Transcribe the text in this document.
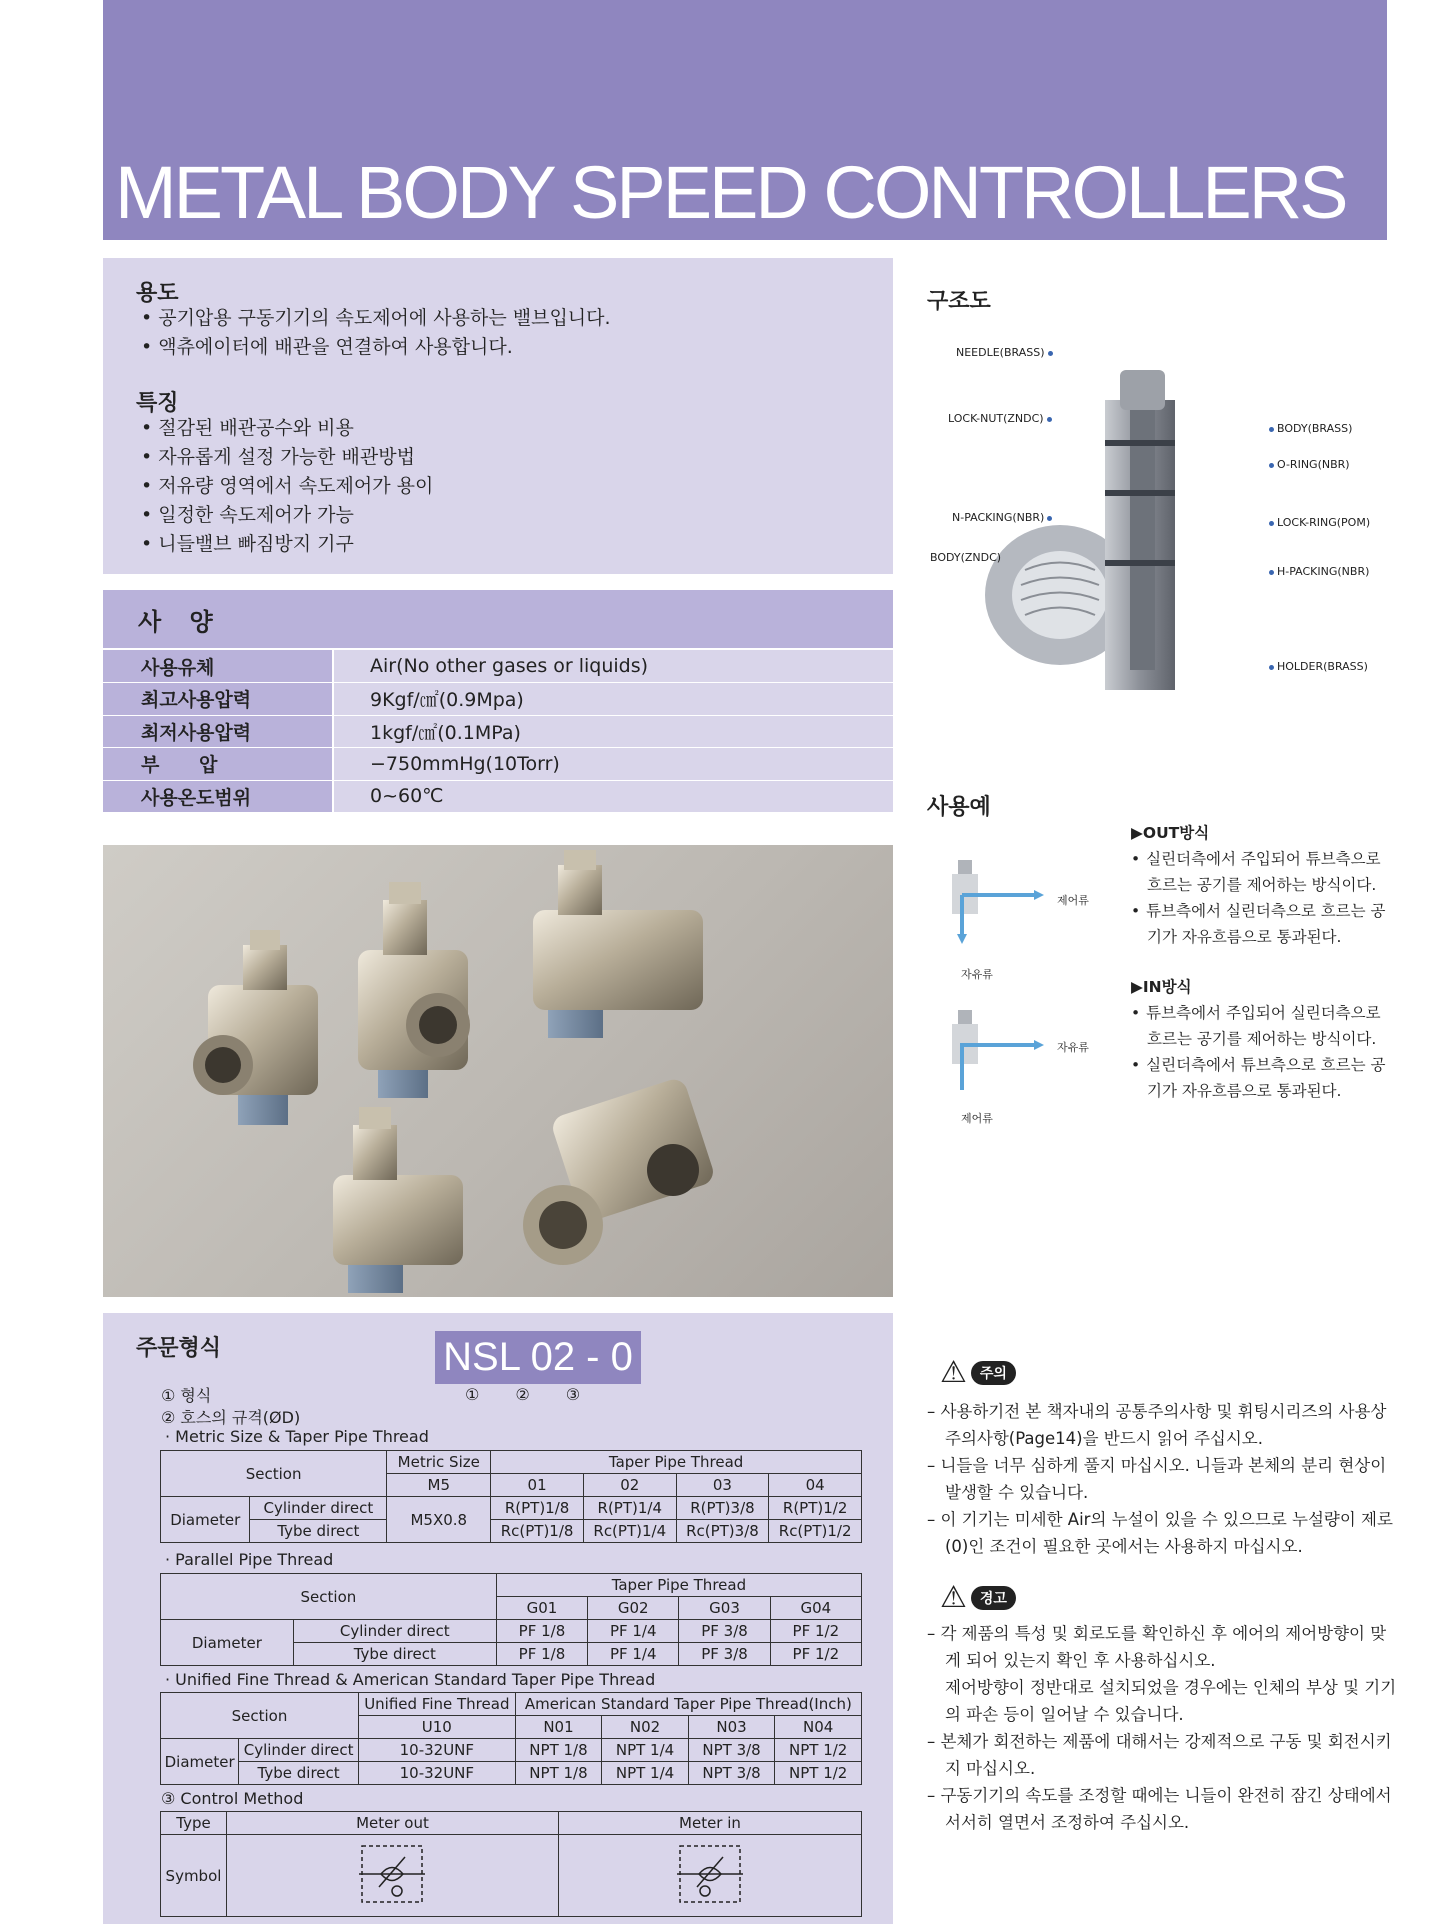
METAL BODY SPEED CONTROLLERS
용도
• 공기압용 구동기기의 속도제어에 사용하는 밸브입니다.
• 액츄에이터에 배관을 연결하여 사용합니다.
특징
• 절감된 배관공수와 비용
• 자유롭게 설정 가능한 배관방법
• 저유량 영역에서 속도제어가 용이
• 일정한 속도제어가 가능
• 니들밸브 빠짐방지 기구
사 양
사용유체	Air(No other gases or liquids)
최고사용압력	9Kgf/㎠(0.9Mpa)
최저사용압력	1kgf/㎠(0.1MPa)
부      압	−750mmHg(10Torr)
사용온도범위	0~60℃
주문형식	NSL 02 - 0
① ② ③
① 형식
② 호스의 규격(ØD)
· Metric Size & Taper Pipe Thread
Section		Metric Size	Taper Pipe Thread			
		M5	01	02	03	04
Diameter	Cylinder direct	M5X0.8	R(PT)1/8	R(PT)1/4	R(PT)3/8	R(PT)1/2
	Tybe direct		Rc(PT)1/8	Rc(PT)1/4	Rc(PT)3/8	Rc(PT)1/2
· Parallel Pipe Thread
Section		Taper Pipe Thread			
		G01	G02	G03	G04
Diameter	Cylinder direct	PF 1/8	PF 1/4	PF 3/8	PF 1/2
	Tybe direct	PF 1/8	PF 1/4	PF 3/8	PF 1/2
· Unified Fine Thread & American Standard Taper Pipe Thread
Section		Unified Fine Thread	American Standard Taper Pipe Thread(Inch)			
		U10	N01	N02	N03	N04
Diameter	Cylinder direct	10-32UNF	NPT 1/8	NPT 1/4	NPT 3/8	NPT 1/2
	Tybe direct	10-32UNF	NPT 1/8	NPT 1/4	NPT 3/8	NPT 1/2
③ Control Method
Type	Meter out	Meter in
Symbol		
구조도
NEEDLE(BRASS)
LOCK-NUT(ZNDC)
N-PACKING(NBR)
BODY(ZNDC)
BODY(BRASS)
O-RING(NBR)
LOCK-RING(POM)
H-PACKING(NBR)
HOLDER(BRASS)
사용예
제어류
자유류
자유류
제어류
▶OUT방식
• 실린더측에서 주입되어 튜브측으로 흐르는 공기를 제어하는 방식이다.
• 튜브측에서 실린더측으로 흐르는 공기가 자유흐름으로 통과된다.
▶IN방식
• 튜브측에서 주입되어 실린더측으로 흐르는 공기를 제어하는 방식이다.
• 실린더측에서 튜브측으로 흐르는 공기가 자유흐름으로 통과된다.
⚠ 주의

– 사용하기전 본 책자내의 공통주의사항 및 휘팅시리즈의 사용상 주의사항(Page14)을 반드시 읽어 주십시오.

– 니들을 너무 심하게 풀지 마십시오. 니들과 본체의 분리 현상이 발생할 수 있습니다.

– 이 기기는 미세한 Air의 누설이 있을 수 있으므로 누설량이 제로(0)인 조건이 필요한 곳에서는 사용하지 마십시오.

⚠ 경고

– 각 제품의 특성 및 회로도를 확인하신 후 에어의 제어방향이 맞게 되어 있는지 확인 후 사용하십시오.

제어방향이 정반대로 설치되었을 경우에는 인체의 부상 및 기기의 파손 등이 일어날 수 있습니다.

– 본체가 회전하는 제품에 대해서는 강제적으로 구동 및 회전시키지 마십시오.

– 구동기기의 속도를 조정할 때에는 니들이 완전히 잠긴 상태에서 서서히 열면서 조정하여 주십시오.
